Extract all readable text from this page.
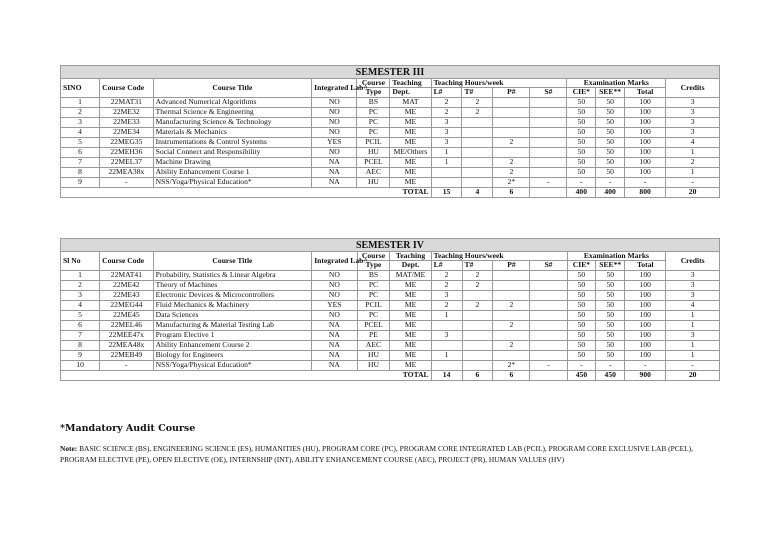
SEMESTER III													
SINO	Course Code	Course Title	Integrated Lab^	Course	Teaching	Teaching Hours/week				Examination Marks			Credits
				Type	Dept.	L#	T#	P#	S#	CIE*	SEE**	Total	
1	22MAT31	Advanced Numerical Algorithms	NO	BS	MAT	2	2			50	50	100	3
2	22ME32	Thermal Science & Engineering	NO	PC	ME	2	2			50	50	100	3
3	22ME33	Manufacturing Science & Technology	NO	PC	ME	3				50	50	100	3
4	22ME34	Materials & Mechanics	NO	PC	ME	3				50	50	100	3
5	22MEG35	Instrumentations & Control Systems	YES	PCIL	ME	3		2		50	50	100	4
6	22MEH36	Social Connect and Responsibility	NO	HU	ME/Others	1				50	50	100	1
7	22MEL37	Machine Drawing	NA	PCEL	ME	1		2		50	50	100	2
8	22MEA38x	Ability Enhancement Course 1	NA	AEC	ME			2		50	50	100	1
9	-	NSS/Yoga/Physical Education*	NA	HU	ME			2*	-	-	-	-	-
TOTAL						15	4	6		400	400	800	20
SEMESTER IV													
Sl No	Course Code	Course Title	Integrated Lab^	Course	Teaching	Teaching Hours/week				Examination Marks			Credits
				Type	Dept.	L#	T#	P#	S#	CIE*	SEE**	Total	
1	22MAT41	Probability, Statistics & Linear Algebra	NO	BS	MAT/ME	2	2			50	50	100	3
2	22ME42	Theory of Machines	NO	PC	ME	2	2			50	50	100	3
3	22ME43	Electronic Devices & Microcontrollers	NO	PC	ME	3				50	50	100	3
4	22MEG44	Fluid Mechanics & Machinery	YES	PCIL	ME	2	2	2		50	50	100	4
5	22ME45	Data Sciences	NO	PC	ME	1				50	50	100	1
6	22MEL46	Manufacturing & Material Testing Lab	NA	PCEL	ME			2		50	50	100	1
7	22MEE47x	Program Elective 1	NA	PE	ME	3				50	50	100	3
8	22MEA48x	Ability Enhancement Course 2	NA	AEC	ME			2		50	50	100	1
9	22MEB49	Biology for Engineers	NA	HU	ME	1				50	50	100	1
10	-	NSS/Yoga/Physical Education*	NA	HU	ME			2*	-	-	-	-	-
TOTAL						14	6	6		450	450	900	20
*Mandatory Audit Course
Note: BASIC SCIENCE (BS), ENGINEERING SCIENCE (ES), HUMANITIES (HU), PROGRAM CORE (PC), PROGRAM CORE INTEGRATED LAB (PCIL), PROGRAM CORE EXCLUSIVE LAB (PCEL), PROGRAM ELECTIVE (PE), OPEN ELECTIVE (OE), INTERNSHIP (INT), ABILITY ENHANCEMENT COURSE (AEC), PROJECT (PR), HUMAN VALUES (HV)
